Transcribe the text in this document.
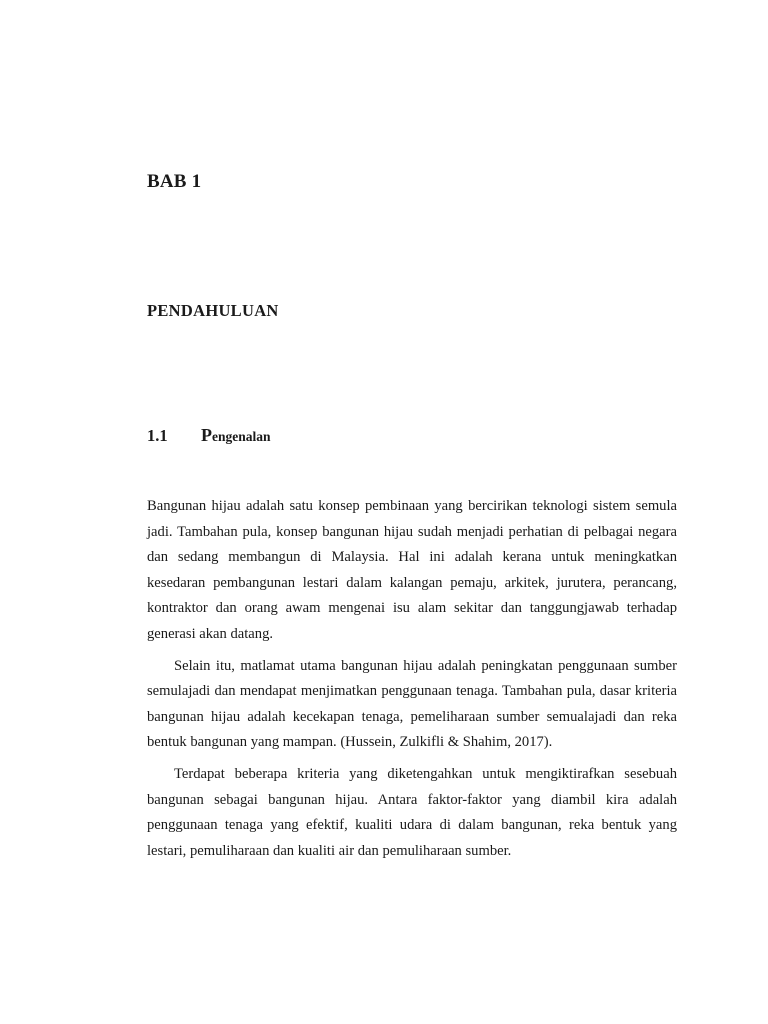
BAB 1
PENDAHULUAN
1.1 Pengenalan

Bangunan hijau adalah satu konsep pembinaan yang bercirikan teknologi sistem semula jadi. Tambahan pula, konsep bangunan hijau sudah menjadi perhatian di pelbagai negara dan sedang membangun di Malaysia. Hal ini adalah kerana untuk meningkatkan kesedaran pembangunan lestari dalam kalangan pemaju, arkitek, jurutera, perancang, kontraktor dan orang awam mengenai isu alam sekitar dan tanggungjawab terhadap generasi akan datang.

Selain itu, matlamat utama bangunan hijau adalah peningkatan penggunaan sumber semulajadi dan mendapat menjimatkan penggunaan tenaga. Tambahan pula, dasar kriteria bangunan hijau adalah kecekapan tenaga, pemeliharaan sumber semualajadi dan reka bentuk bangunan yang mampan. (Hussein, Zulkifli & Shahim, 2017).

Terdapat beberapa kriteria yang diketengahkan untuk mengiktirafkan sesebuah bangunan sebagai bangunan hijau. Antara faktor-faktor yang diambil kira adalah penggunaan tenaga yang efektif, kualiti udara di dalam bangunan, reka bentuk yang lestari, pemuliharaan dan kualiti air dan pemuliharaan sumber.
